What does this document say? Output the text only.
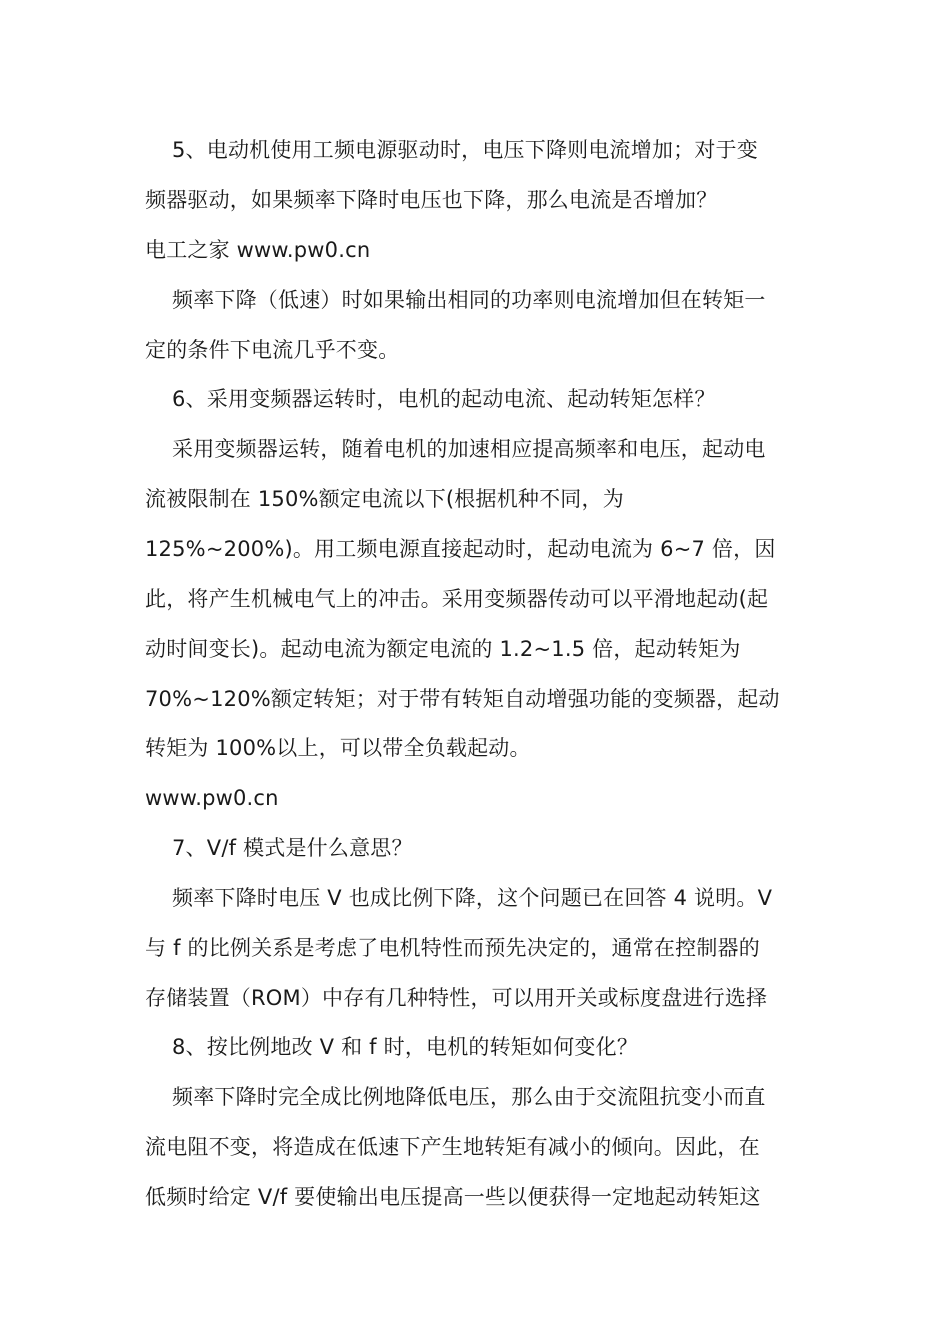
5、电动机使用工频电源驱动时，电压下降则电流增加；对于变
频器驱动，如果频率下降时电压也下降，那么电流是否增加？
电工之家 www.pw0.cn
频率下降（低速）时如果输出相同的功率则电流增加但在转矩一
定的条件下电流几乎不变。
6、采用变频器运转时，电机的起动电流、起动转矩怎样？
采用变频器运转，随着电机的加速相应提高频率和电压，起动电
流被限制在 150%额定电流以下(根据机种不同，为
125%~200%)。用工频电源直接起动时，起动电流为 6~7 倍，因
此，将产生机械电气上的冲击。采用变频器传动可以平滑地起动(起
动时间变长)。起动电流为额定电流的 1.2~1.5 倍，起动转矩为
70%~120%额定转矩；对于带有转矩自动增强功能的变频器，起动
转矩为 100%以上，可以带全负载起动。
www.pw0.cn
7、V/f 模式是什么意思？
频率下降时电压 V 也成比例下降，这个问题已在回答 4 说明。V
与 f 的比例关系是考虑了电机特性而预先决定的，通常在控制器的
存储装置（ROM）中存有几种特性，可以用开关或标度盘进行选择
8、按比例地改 V 和 f 时，电机的转矩如何变化？
频率下降时完全成比例地降低电压，那么由于交流阻抗变小而直
流电阻不变，将造成在低速下产生地转矩有减小的倾向。因此，在
低频时给定 V/f 要使输出电压提高一些以便获得一定地起动转矩这
